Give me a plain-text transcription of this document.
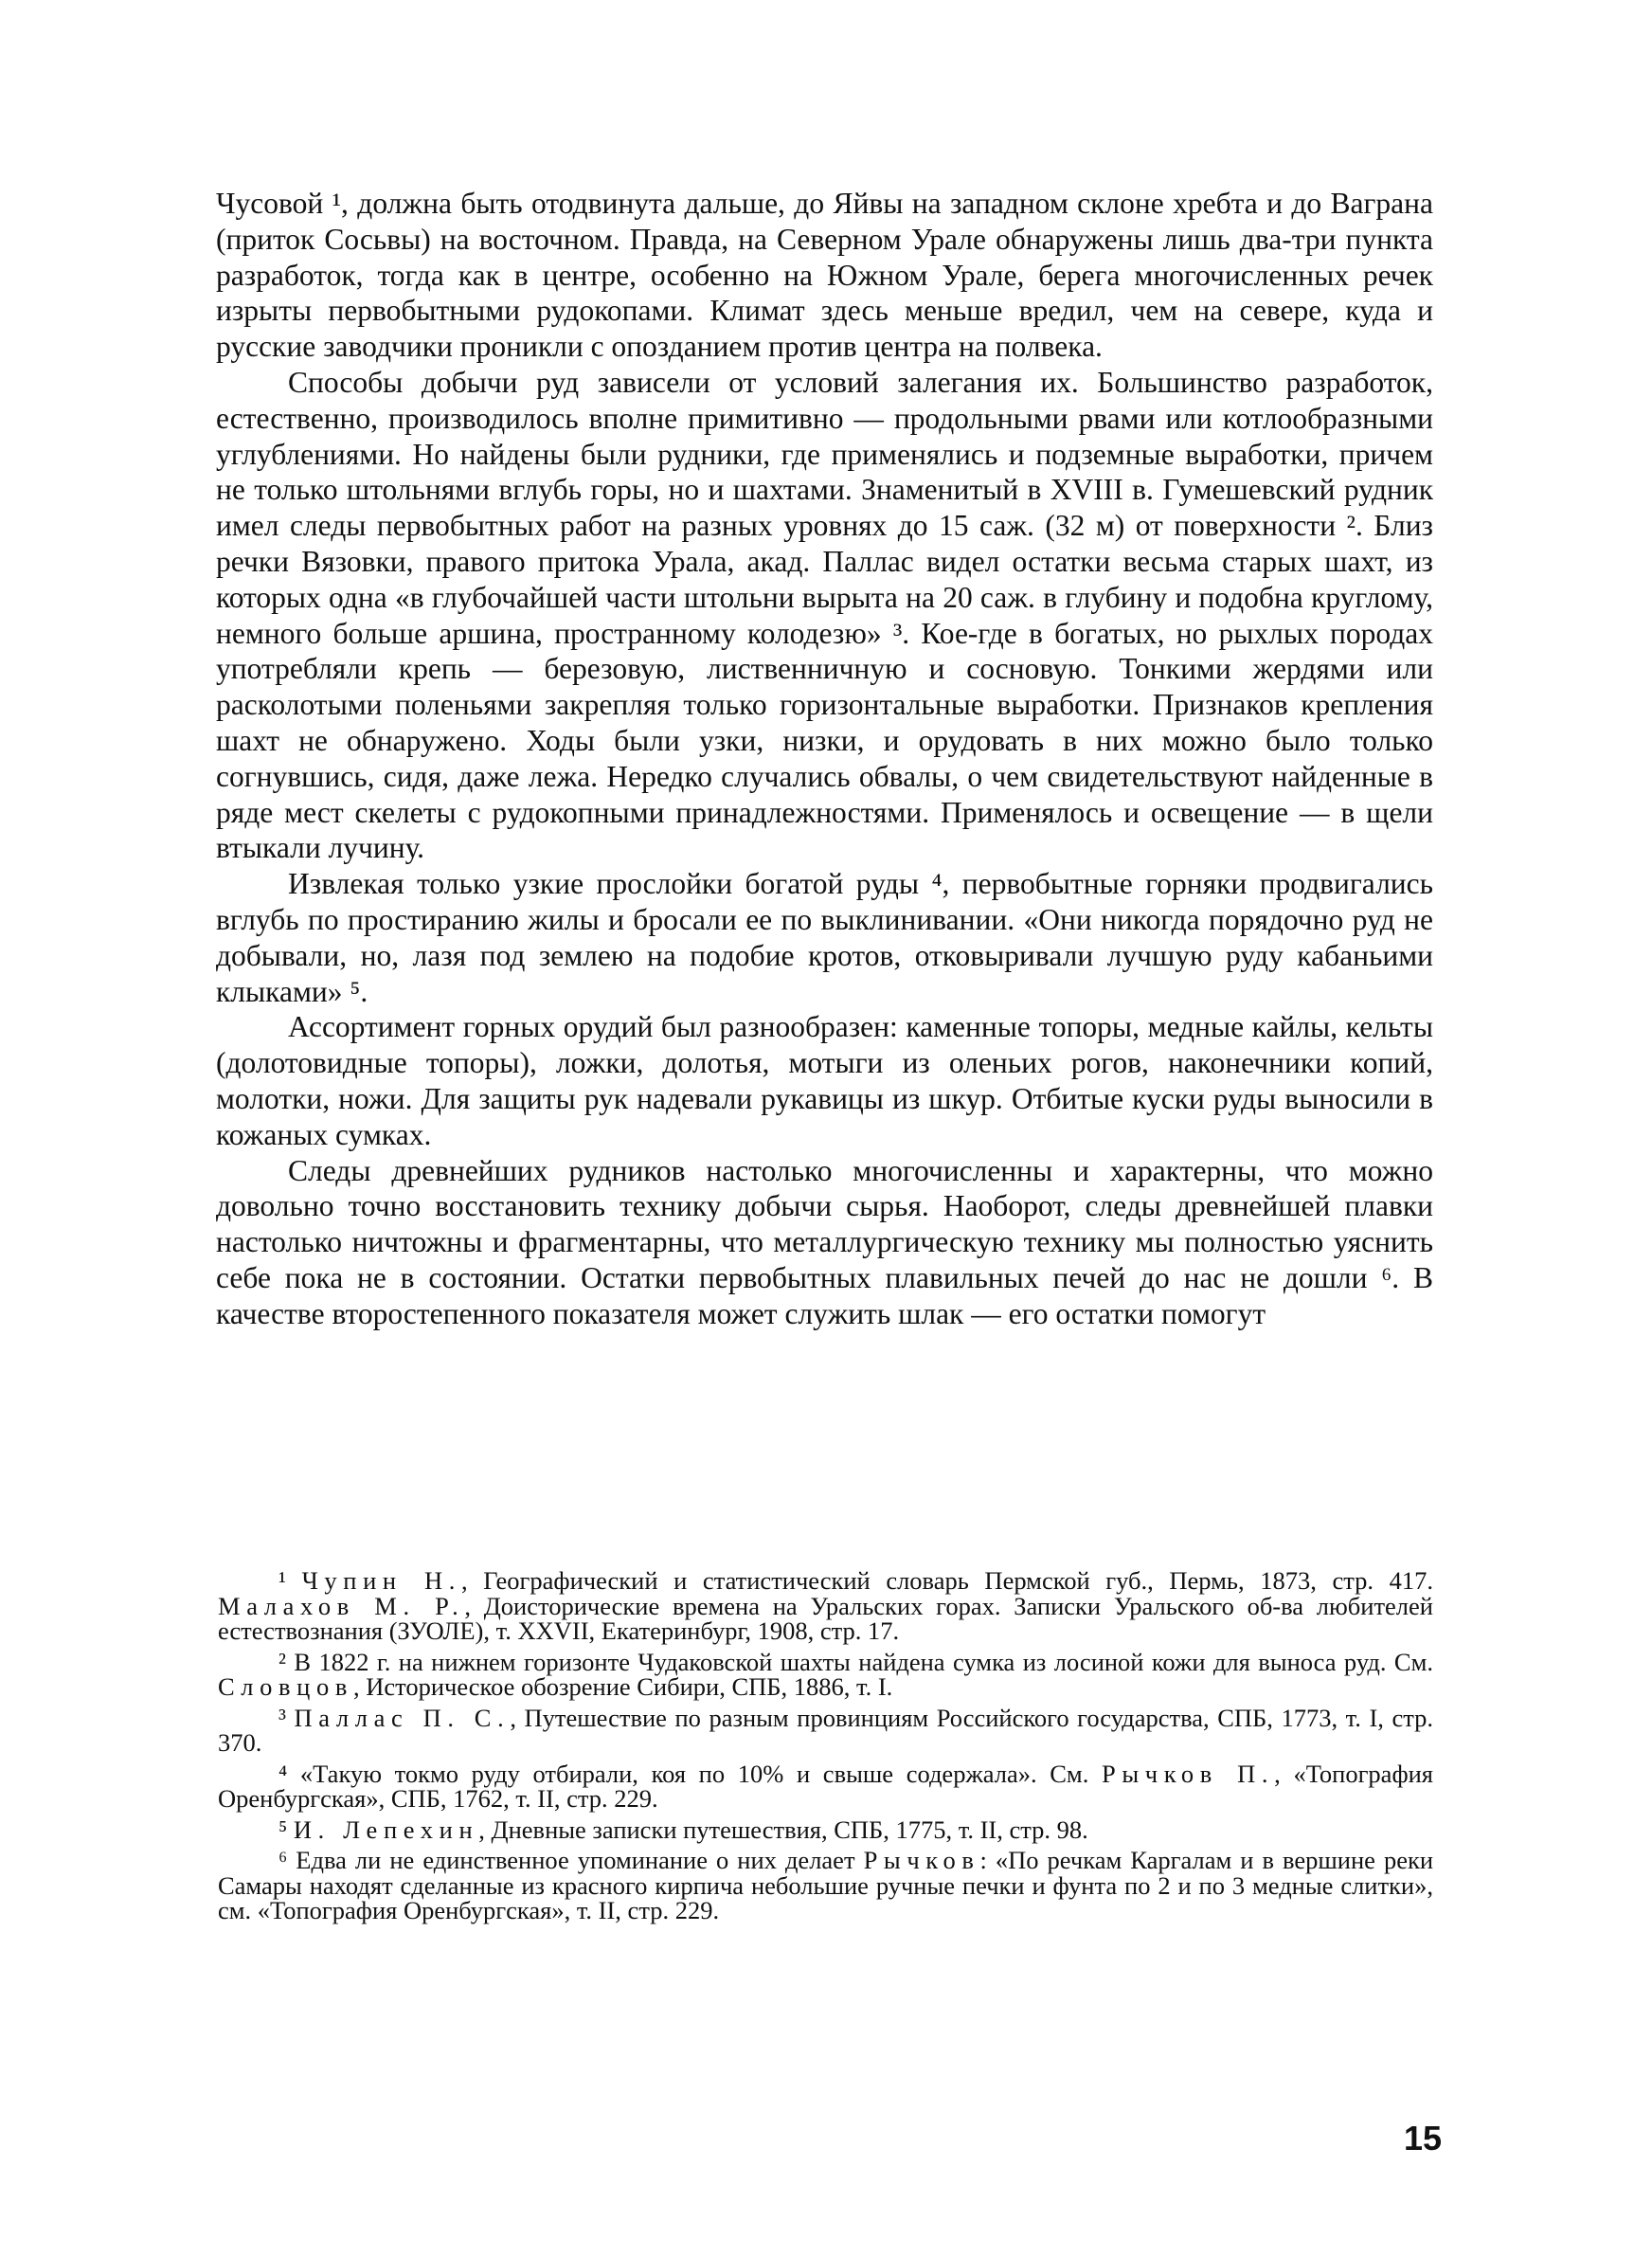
Чусовой ¹, должна быть отодвинута дальше, до Яйвы на западном склоне хребта и до Ваграна (приток Сосьвы) на восточном. Правда, на Северном Урале обнаружены лишь два-три пункта разработок, тогда как в центре, особенно на Южном Урале, берега многочисленных речек изрыты первобытными рудокопами. Климат здесь меньше вредил, чем на севере, куда и русские заводчики проникли с опозданием против центра на полвека.

Способы добычи руд зависели от условий залегания их. Большинство разработок, естественно, производилось вполне примитивно — продольными рвами или котлообразными углублениями. Но найдены были рудники, где применялись и подземные выработки, причем не только штольнями вглубь горы, но и шахтами. Знаменитый в XVIII в. Гумешевский рудник имел следы первобытных работ на разных уровнях до 15 саж. (32 м) от поверхности ². Близ речки Вязовки, правого притока Урала, акад. Паллас видел остатки весьма старых шахт, из которых одна «в глубочайшей части штольни вырыта на 20 саж. в глубину и подобна круглому, немного больше аршина, пространному колодезю» ³. Кое-где в богатых, но рыхлых породах употребляли крепь — березовую, лиственничную и сосновую. Тонкими жердями или расколотыми поленьями закрепляя только горизонтальные выработки. Признаков крепления шахт не обнаружено. Ходы были узки, низки, и орудовать в них можно было только согнувшись, сидя, даже лежа. Нередко случались обвалы, о чем свидетельствуют найденные в ряде мест скелеты с рудокопными принадлежностями. Применялось и освещение — в щели втыкали лучину.

Извлекая только узкие прослойки богатой руды ⁴, первобытные горняки продвигались вглубь по простиранию жилы и бросали ее по выклинивании. «Они никогда порядочно руд не добывали, но, лазя под землею на подобие кротов, отковыривали лучшую руду кабаньими клыками» ⁵.

Ассортимент горных орудий был разнообразен: каменные топоры, медные кайлы, кельты (долотовидные топоры), ложки, долотья, мотыги из оленьих рогов, наконечники копий, молотки, ножи. Для защиты рук надевали рукавицы из шкур. Отбитые куски руды выносили в кожаных сумках.

Следы древнейших рудников настолько многочисленны и характерны, что можно довольно точно восстановить технику добычи сырья. Наоборот, следы древнейшей плавки настолько ничтожны и фрагментарны, что металлургическую технику мы полностью уяснить себе пока не в состоянии. Остатки первобытных плавильных печей до нас не дошли ⁶. В качестве второстепенного показателя может служить шлак — его остатки помогут

¹ Чупин Н., Географический и статистический словарь Пермской губ., Пермь, 1873, стр. 417. Малахов М. Р., Доисторические времена на Уральских горах. Записки Уральского об-ва любителей естествознания (ЗУОЛЕ), т. XXVII, Екатеринбург, 1908, стр. 17.

² В 1822 г. на нижнем горизонте Чудаковской шахты найдена сумка из лосиной кожи для выноса руд. См. Словцов, Историческое обозрение Сибири, СПБ, 1886, т. I.

³ Паллас П. С., Путешествие по разным провинциям Российского государства, СПБ, 1773, т. I, стр. 370.

⁴ «Такую токмо руду отбирали, коя по 10% и свыше содержала». См. Рычков П., «Топография Оренбургская», СПБ, 1762, т. II, стр. 229.

⁵ И. Лепехин, Дневные записки путешествия, СПБ, 1775, т. II, стр. 98.

⁶ Едва ли не единственное упоминание о них делает Рычков: «По речкам Каргалам и в вершине реки Самары находят сделанные из красного кирпича небольшие ручные печки и фунта по 2 и по 3 медные слитки», см. «Топография Оренбургская», т. II, стр. 229.

15
